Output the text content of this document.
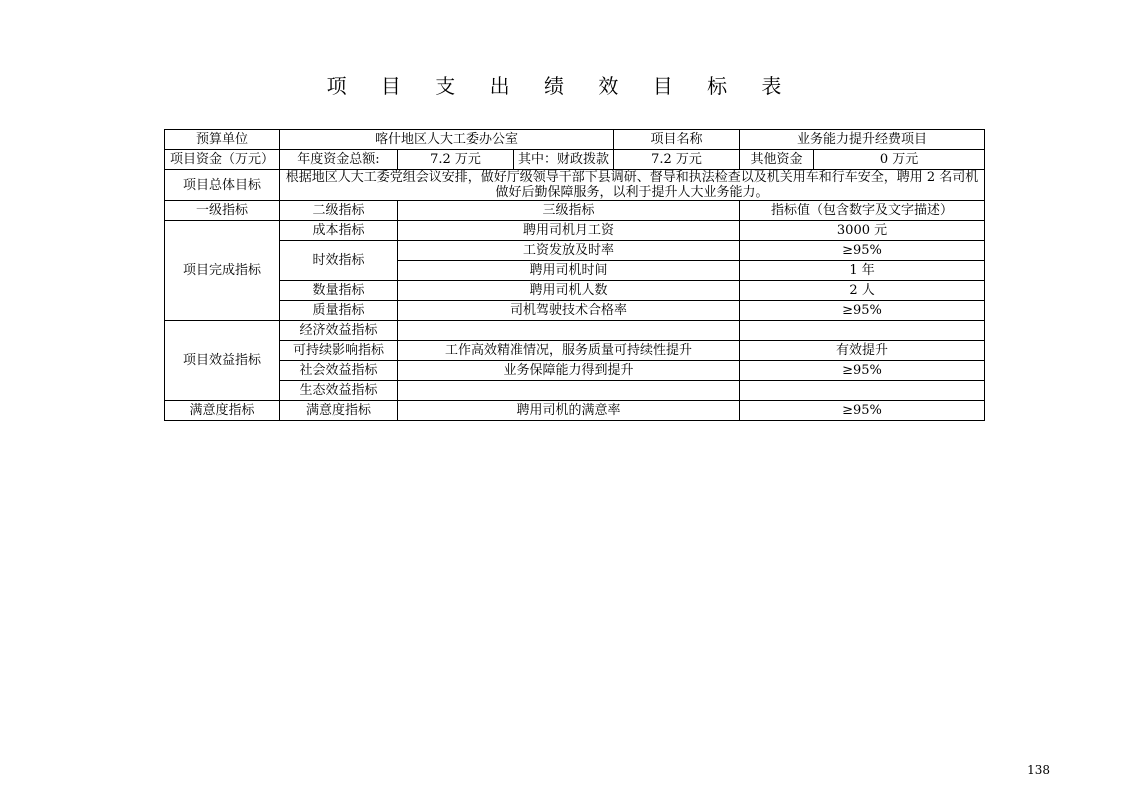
项 目 支 出 绩 效 目 标 表
预算单位	喀什地区人大工委办公室			项目名称	业务能力提升经费项目	
项目资金（万元）	年度资金总额:	7.2 万元	其中：财政拨款	7.2 万元	其他资金	0 万元
项目总体目标	根据地区人大工委党组会议安排，做好厅级领导干部下县调研、督导和执法检查以及机关用车和行车安全，聘用 2 名司机做好后勤保障服务，以利于提升人大业务能力。					
一级指标	二级指标	三级指标			指标值（包含数字及文字描述）	
项目完成指标	成本指标	聘用司机月工资			3000 元	
	时效指标	工资发放及时率			≥95%	
		聘用司机时间			1 年	
	数量指标	聘用司机人数			2 人	
	质量指标	司机驾驶技术合格率			≥95%	
项目效益指标	经济效益指标					
	可持续影响指标	工作高效精准情况，服务质量可持续性提升			有效提升	
	社会效益指标	业务保障能力得到提升			≥95%	
	生态效益指标					
满意度指标	满意度指标	聘用司机的满意率			≥95%	
138
